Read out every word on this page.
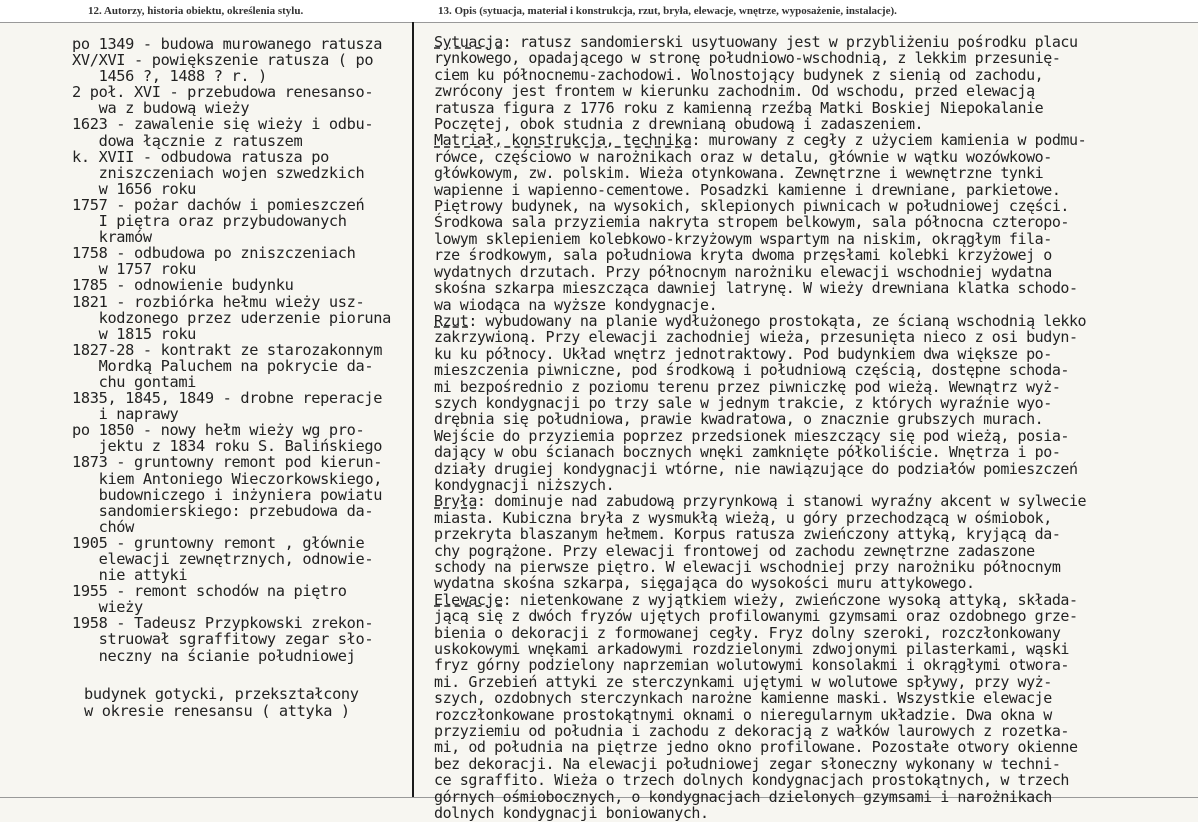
12. Autorzy, historia obiektu, określenia stylu.	13. Opis (sytuacja, materiał i konstrukcja, rzut, bryła, elewacje, wnętrze, wyposażenie, instalacje).
po 1349 - budowa murowanego ratusza
XV/XVI - powiększenie ratusza ( po
1456 ?, 1488 ? r. )
2 poł. XVI - przebudowa renesanso-
wa z budową wieży
1623 - zawalenie się wieży i odbu-
dowa łącznie z ratuszem
k. XVII - odbudowa ratusza po
zniszczeniach wojen szwedzkich
w 1656 roku
1757 - pożar dachów i pomieszczeń
I piętra oraz przybudowanych
kramów
1758 - odbudowa po zniszczeniach
w 1757 roku
1785 - odnowienie budynku
1821 - rozbiórka hełmu wieży usz-
kodzonego przez uderzenie pioruna
w 1815 roku
1827-28 - kontrakt ze starozakonnym
Mordką Paluchem na pokrycie da-
chu gontami
1835, 1845, 1849 - drobne reperacje
i naprawy
po 1850 - nowy hełm wieży wg pro-
jektu z 1834 roku S. Balińskiego
1873 - gruntowny remont pod kierun-
kiem Antoniego Wieczorkowskiego,
budowniczego i inżyniera powiatu
sandomierskiego: przebudowa da-
chów
1905 - gruntowny remont , głównie
elewacji zewnętrznych, odnowie-
nie attyki
1955 - remont schodów na piętro
wieży
1958 - Tadeusz Przypkowski zrekon-
struował sgraffitowy zegar sło-
neczny na ścianie południowej
budynek gotycki, przekształcony
w okresie renesansu ( attyka )
Sytuacja: ratusz sandomierski usytuowany jest w przybliżeniu pośrodku placu
rynkowego, opadającego w stronę południowo-wschodnią, z lekkim przesunię-
ciem ku północnemu-zachodowi. Wolnostojący budynek z sienią od zachodu,
zwrócony jest frontem w kierunku zachodnim. Od wschodu, przed elewacją
ratusza figura z 1776 roku z kamienną rzeźbą Matki Boskiej Niepokalanie
Poczętej, obok studnia z drewnianą obudową i zadaszeniem.
Matriał, konstrukcja, technika: murowany z cegły z użyciem kamienia w podmu-
rówce, częściowo w narożnikach oraz w detalu, głównie w wątku wozówkowo-
główkowym, zw. polskim. Wieża otynkowana. Zewnętrzne i wewnętrzne tynki
wapienne i wapienno-cementowe. Posadzki kamienne i drewniane, parkietowe.
Piętrowy budynek, na wysokich, sklepionych piwnicach w południowej części.
Środkowa sala przyziemia nakryta stropem belkowym, sala północna czteropo-
lowym sklepieniem kolebkowo-krzyżowym wspartym na niskim, okrągłym fila-
rze środkowym, sala południowa kryta dwoma przęsłami kolebki krzyżowej o
wydatnych drzutach. Przy północnym narożniku elewacji wschodniej wydatna
skośna szkarpa mieszcząca dawniej latrynę. W wieży drewniana klatka schodo-
wa wiodąca na wyższe kondygnacje.
Rzut: wybudowany na planie wydłużonego prostokąta, ze ścianą wschodnią lekko
zakrzywioną. Przy elewacji zachodniej wieża, przesunięta nieco z osi budyn-
ku ku północy. Układ wnętrz jednotraktowy. Pod budynkiem dwa większe po-
mieszczenia piwniczne, pod środkową i południową częścią, dostępne schoda-
mi bezpośrednio z poziomu terenu przez piwniczkę pod wieżą. Wewnątrz wyż-
szych kondygnacji po trzy sale w jednym trakcie, z których wyraźnie wyo-
drębnia się południowa, prawie kwadratowa, o znacznie grubszych murach.
Wejście do przyziemia poprzez przedsionek mieszczący się pod wieżą, posia-
dający w obu ścianach bocznych wnęki zamknięte półkoliście. Wnętrza i po-
działy drugiej kondygnacji wtórne, nie nawiązujące do podziałów pomieszczeń
kondygnacji niższych.
Bryła: dominuje nad zabudową przyrynkową i stanowi wyraźny akcent w sylwecie
miasta. Kubiczna bryła z wysmukłą wieżą, u góry przechodzącą w ośmiobok,
przekryta blaszanym hełmem. Korpus ratusza zwieńczony attyką, kryjącą da-
chy pogrążone. Przy elewacji frontowej od zachodu zewnętrzne zadaszone
schody na pierwsze piętro. W elewacji wschodniej przy narożniku północnym
wydatna skośna szkarpa, sięgająca do wysokości muru attykowego.
Elewacje: nietenkowane z wyjątkiem wieży, zwieńczone wysoką attyką, składa-
jącą się z dwóch fryzów ujętych profilowanymi gzymsami oraz ozdobnego grze-
bienia o dekoracji z formowanej cegły. Fryz dolny szeroki, rozczłonkowany
uskokowymi wnękami arkadowymi rozdzielonymi zdwojonymi pilasterkami, wąski
fryz górny podzielony naprzemian wolutowymi konsolakmi i okrągłymi otwora-
mi. Grzebień attyki ze sterczynkami ujętymi w wolutowe spływy, przy wyż-
szych, ozdobnych sterczynkach narożne kamienne maski. Wszystkie elewacje
rozczłonkowane prostokątnymi oknami o nieregularnym układzie. Dwa okna w
przyziemiu od południa i zachodu z dekoracją z wałków laurowych z rozetka-
mi, od południa na piętrze jedno okno profilowane. Pozostałe otwory okienne
bez dekoracji. Na elewacji południowej zegar słoneczny wykonany w techni-
ce sgraffito. Wieża o trzech dolnych kondygnacjach prostokątnych, w trzech
górnych ośmiobocznych, o kondygnacjach dzielonych gzymsami i narożnikach
dolnych kondygnacji boniowanych.
